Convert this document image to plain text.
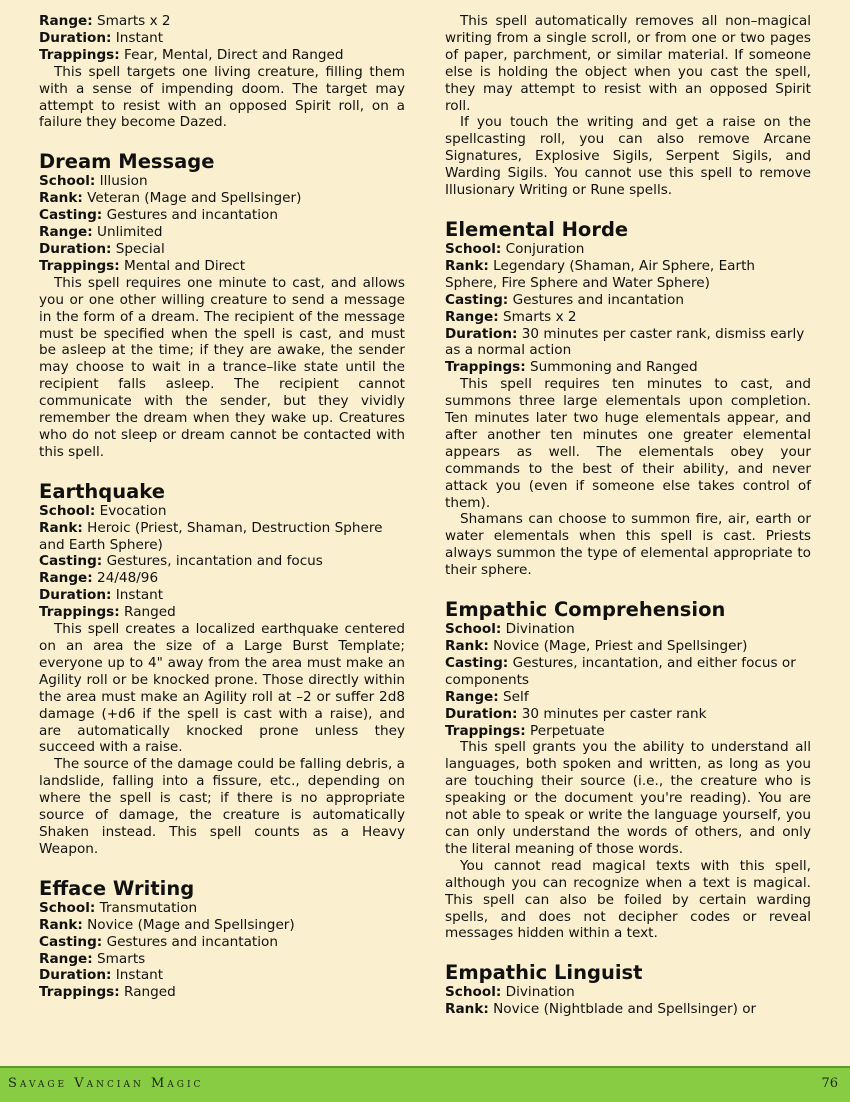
Range: Smarts x 2

Duration: Instant

Trappings: Fear, Mental, Direct and Ranged

This spell targets one living creature, filling them with a sense of impending doom. The target may attempt to resist with an opposed Spirit roll, on a failure they become Dazed.

Dream Message

School: Illusion

Rank: Veteran (Mage and Spellsinger)

Casting: Gestures and incantation

Range: Unlimited

Duration: Special

Trappings: Mental and Direct

This spell requires one minute to cast, and allows you or one other willing creature to send a message in the form of a dream. The recipient of the message must be specified when the spell is cast, and must be asleep at the time; if they are awake, the sender may choose to wait in a trance–like state until the recipient falls asleep. The recipient cannot communicate with the sender, but they vividly remember the dream when they wake up. Creatures who do not sleep or dream cannot be contacted with this spell.

Earthquake

School: Evocation

Rank: Heroic (Priest, Shaman, Destruction Sphere and Earth Sphere)

Casting: Gestures, incantation and focus

Range: 24/48/96

Duration: Instant

Trappings: Ranged

This spell creates a localized earthquake centered on an area the size of a Large Burst Template; everyone up to 4" away from the area must make an Agility roll or be knocked prone. Those directly within the area must make an Agility roll at –2 or suffer 2d8 damage (+d6 if the spell is cast with a raise), and are automatically knocked prone unless they succeed with a raise.

The source of the damage could be falling debris, a landslide, falling into a fissure, etc., depending on where the spell is cast; if there is no appropriate source of damage, the creature is automatically Shaken instead. This spell counts as a Heavy Weapon.

Efface Writing

School: Transmutation

Rank: Novice (Mage and Spellsinger)

Casting: Gestures and incantation

Range: Smarts

Duration: Instant

Trappings: Ranged

This spell automatically removes all non–magical writing from a single scroll, or from one or two pages of paper, parchment, or similar material. If someone else is holding the object when you cast the spell, they may attempt to resist with an opposed Spirit roll.

If you touch the writing and get a raise on the spellcasting roll, you can also remove Arcane Signatures, Explosive Sigils, Serpent Sigils, and Warding Sigils. You cannot use this spell to remove Illusionary Writing or Rune spells.

Elemental Horde

School: Conjuration

Rank: Legendary (Shaman, Air Sphere, Earth Sphere, Fire Sphere and Water Sphere)

Casting: Gestures and incantation

Range: Smarts x 2

Duration: 30 minutes per caster rank, dismiss early as a normal action

Trappings: Summoning and Ranged

This spell requires ten minutes to cast, and summons three large elementals upon completion. Ten minutes later two huge elementals appear, and after another ten minutes one greater elemental appears as well. The elementals obey your commands to the best of their ability, and never attack you (even if someone else takes control of them).

Shamans can choose to summon fire, air, earth or water elementals when this spell is cast. Priests always summon the type of elemental appropriate to their sphere.

Empathic Comprehension

School: Divination

Rank: Novice (Mage, Priest and Spellsinger)

Casting: Gestures, incantation, and either focus or components

Range: Self

Duration: 30 minutes per caster rank

Trappings: Perpetuate

This spell grants you the ability to understand all languages, both spoken and written, as long as you are touching their source (i.e., the creature who is speaking or the document you're reading). You are not able to speak or write the language yourself, you can only understand the words of others, and only the literal meaning of those words.

You cannot read magical texts with this spell, although you can recognize when a text is magical. This spell can also be foiled by certain warding spells, and does not decipher codes or reveal messages hidden within a text.

Empathic Linguist

School: Divination

Rank: Novice (Nightblade and Spellsinger) or

Savage Vancian Magic	76
